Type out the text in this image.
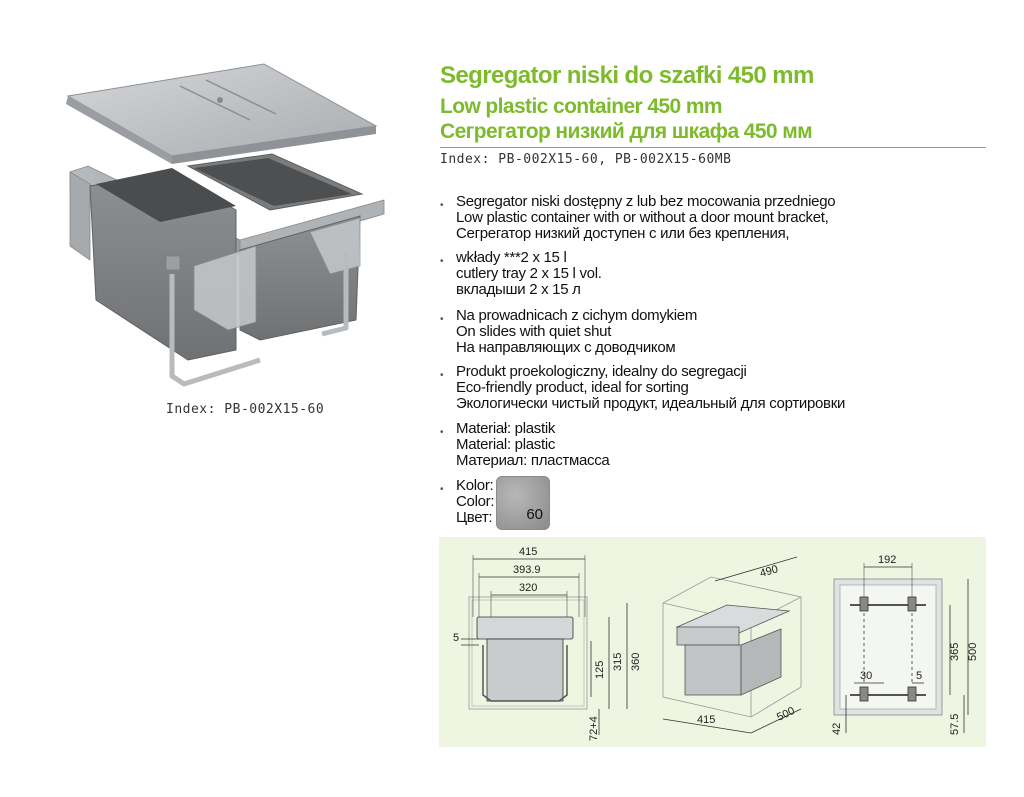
Index: PB-002X15-60
Segregator niski do szafki 450 mm
Low plastic container 450 mm
Сегрегатор низкий для шкафа 450 мм
Index: PB-002X15-60, PB-002X15-60MB
• Segregator niski dostępny z lub bez mocowania przedniego
Low plastic container with or without a door mount bracket,
Сегрегатор низкий доступен с или без крепления,
• wkłady ***2 x 15 l
cutlery tray 2 x 15 l vol.
вкладыши 2 x 15 л
• Na prowadnicach z cichym domykiem
On slides with quiet shut
На направляющих с доводчиком
• Produkt proekologiczny, idealny do segregacji
Eco-friendly product, ideal for sorting
Экологически чистый продукт, идеальный для сортировки
• Materiał: plastik
Material: plastic
Материал: пластмасса
• Kolor:
Color:
Цвет: 60
415
393.9
320
5
125 315 360
72+4
490
415	500
192
365 500
30	5
42	57.5
